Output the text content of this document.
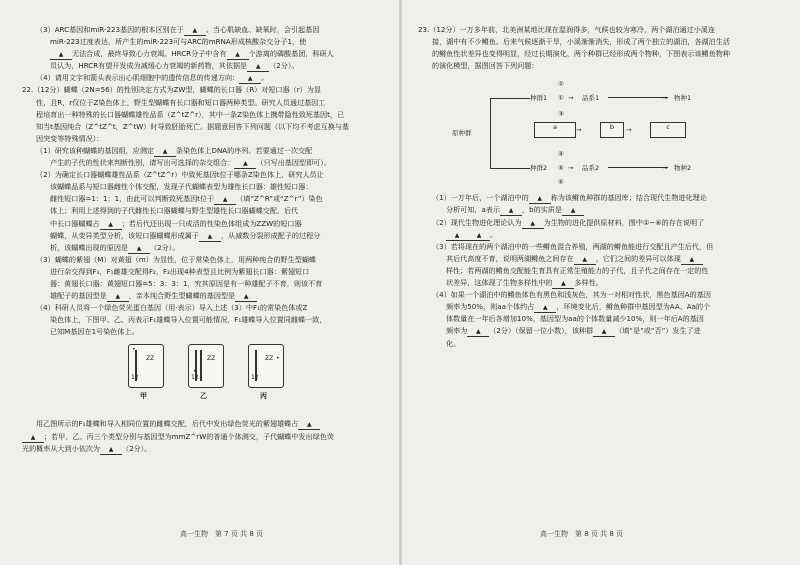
（3）ARC基因和miR-223基因的根本区别在于 ▲ 。当心肌缺血、缺氧时，会引起基因

miR-223过度表达，所产生的miR-223可与ARC的mRNA形成核酸杂交分子1，使

▲ 无法合成，最终导致心力衰竭。HRCR分子中含有 ▲ 个游离的磷酸基团，科研人

员认为，HRCR有望开发成为减缓心力衰竭的新药物，其依据是 ▲ （2分）。

（4）请用文字和箭头表示出心肌细胞中的遗传信息的传递方向： ▲ 。

22.（12分）蝴蝶（2N=56）的性别决定方式为ZW型，蝴蝶的长口器（R）对短口器（r）为显

性，且R，r仅位于Z染色体上，野生型蝴蝶有长口器和短口器两种类型。研究人员通过基因工

程培育出一种特殊的长口器蝴蝶雄性品系（Z^tZ^r），其中一条Z染色体上携带隐性致死基因t，已

知当t基因纯合（Z^tZ^t，Z^tW）时导致胚胎死亡。据题意回答下列问题（以下均不考虑互换与基

因突变等特殊情况）：

（1）研究该种蝴蝶的基因组，应测定 ▲ 条染色体上DNA的序列。若要通过一次交配

产生的子代的性状来判断性别，请写出可选择的杂交组合： ▲ （只写出基因型即可）。

（2）为确定长口器蝴蝶雄性品系（Z^tZ^r）中致死基因t位于哪条Z染色体上，研究人员让

该蝴蝶品系与短口器雌性个体交配，发现子代蝴蝶表型为雄性长口器：雄性短口器：

雌性短口器=1：1：1，由此可以判断致死基因t位于 ▲ （填“Z^R”或“Z^r”）染色

体上；利用上述得到的子代雌性长口器蝴蝶与野生型雄性长口器蝴蝶交配，后代

中长口器蝴蝶占 ▲ ；若后代还出现一只成活的性染色体组成为ZZW的短口器

蝴蝶，从变异类型分析，该短口器蝴蝶形成属于 ▲ ，从减数分裂形成配子的过程分

析，该蝴蝶出现的原因是 ▲ （2分）。

（3）蝴蝶的紫翅（M）对黄翅（m）为显性，位于常染色体上，用两种纯合的野生型蝴蝶

进行杂交得到F₁，F₁雌雄交配得F₂，F₂出现4种表型且比例为紫翅长口器：紫翅短口

器：黄翅长口器：黄翅短口器=5：3：3：1，究其原因是有一种雄配子不育，则该不育

雄配子的基因型是 ▲ ，亲本纯合野生型蝴蝶的基因型是 ▲

（4）科研人员将一个绿色荧光蛋白基因（用·表示）导入上述（3）中F₁的常染色体或Z

染色体上，下图甲、乙、丙表示F₁雄蝶导入位置可能情况，F₁雄蝶导入位置同雌蝶一致，

已知M基因在1号染色体上。

•
12
ZZ
•
12
ZZ
12
ZZ •
甲	乙	丙

用乙图所示的F₁雄蝶和导入相同位置的雌蝶交配，后代中发出绿色荧光的紫翅雄蝶占 ▲

▲ ；若甲、乙、丙三个类型分别与基因型为mmZ^rW的普通个体测交，子代蝴蝶中发出绿色荧

光的概率从大到小依次为 ▲ （2分）。

23.（12分）一万多年前，北美洲某地比现在湿润得多，气候也较为寒冷，两个湖泊通过小溪连

接，湖中有不少鳉鱼。后来气候逐渐干旱，小溪渐渐消失，形成了两个独立的湖泊，各湖泊生活

的鳉鱼性状差异也变得明显，经过长期演化，两个种群已经形成两个物种，下图表示该鳉鱼物种

的演化模型，据图回答下列问题：

原种群
种群1 ① → 品系1	→ 物种1
②
③
a	b	c
→	→
种群2 ⑤ → 品系2	→ 物种2
④
⑥

（1）一万年后，一个湖泊中的 ▲ 称为该鳉鱼种群的基因库；结合现代生物进化理论

分析可知，a表示 ▲ ，b的实质是 ▲

（2）现代生物进化理论认为 ▲ 为生物的进化提供原材料，图中①~⑥的存在说明了

▲	▲ 。

（3）若将现在的两个湖泊中的一些鳉鱼混合养殖，两湖的鳉鱼能进行交配且产生后代，但

其后代高度不育，说明两湖鳉鱼之间存在 ▲ ，它们之间的差异可以体现 ▲

样性；若两湖的鳉鱼交配能生育具有正常生殖能力的子代，且子代之间存在一定的性

状差异，这体现了生物多样性中的 ▲ 多样性。

（4）如果一个湖泊中的鳉鱼体色有黑色和浅灰色，其为一对相对性状，黑色基因A的基因

频率为50%，则aa个体约占 ▲ ，环境变化后，鳉鱼种群中基因型为AA、Aa的个

体数量在一年后各增加10%，基因型为aa的个体数量减少10%，则一年后A的基因

频率为 ▲ （2分）（保留一位小数），该种群 ▲ （填“是”或“否”）发生了进

化。

高一生物　第 7 页 共 8 页	高一生物　第 8 页 共 8 页
